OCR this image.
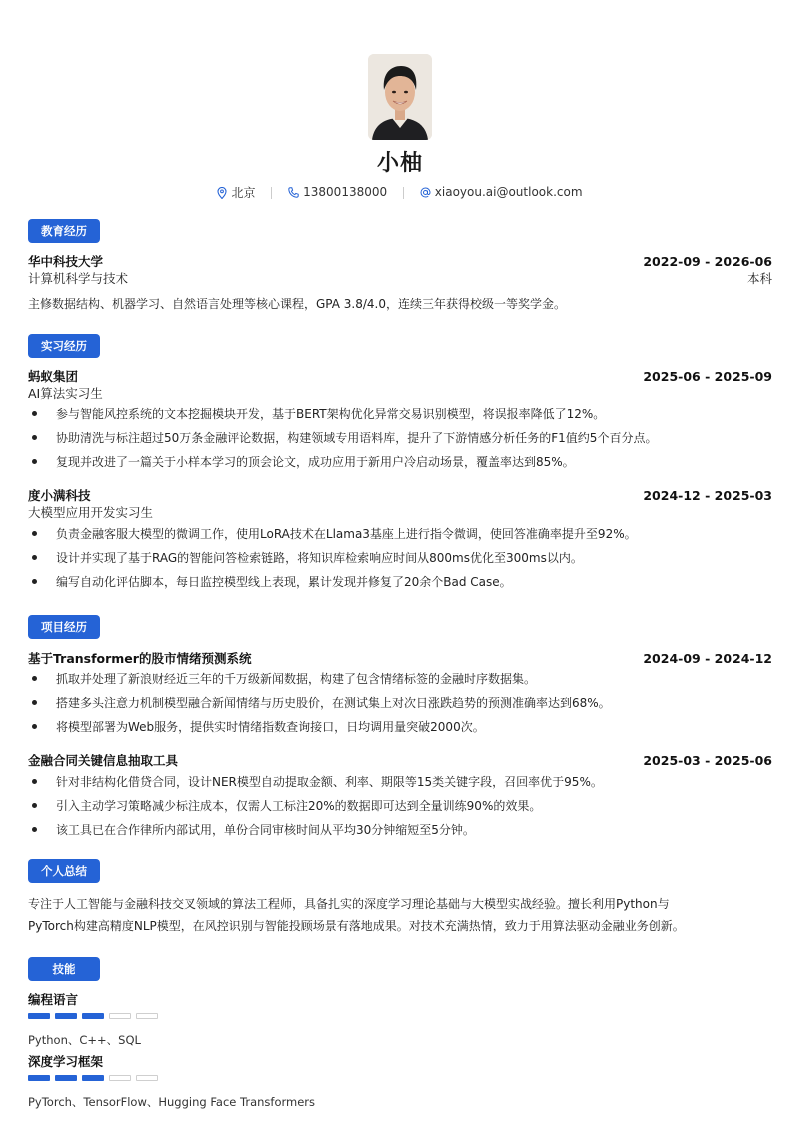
小柚
北京	13800138000	xiaoyou.ai@outlook.com
教育经历
华中科技大学	2022-09 - 2026-06
计算机科学与技术	本科
主修数据结构、机器学习、自然语言处理等核心课程，GPA 3.8/4.0，连续三年获得校级一等奖学金。
实习经历
蚂蚁集团	2025-06 - 2025-09
AI算法实习生
参与智能风控系统的文本挖掘模块开发，基于BERT架构优化异常交易识别模型，将误报率降低了12%。
协助清洗与标注超过50万条金融评论数据，构建领域专用语料库，提升了下游情感分析任务的F1值约5个百分点。
复现并改进了一篇关于小样本学习的顶会论文，成功应用于新用户冷启动场景，覆盖率达到85%。
度小满科技	2024-12 - 2025-03
大模型应用开发实习生
负责金融客服大模型的微调工作，使用LoRA技术在Llama3基座上进行指令微调，使回答准确率提升至92%。
设计并实现了基于RAG的智能问答检索链路，将知识库检索响应时间从800ms优化至300ms以内。
编写自动化评估脚本，每日监控模型线上表现，累计发现并修复了20余个Bad Case。
项目经历
基于Transformer的股市情绪预测系统	2024-09 - 2024-12
抓取并处理了新浪财经近三年的千万级新闻数据，构建了包含情绪标签的金融时序数据集。
搭建多头注意力机制模型融合新闻情绪与历史股价，在测试集上对次日涨跌趋势的预测准确率达到68%。
将模型部署为Web服务，提供实时情绪指数查询接口，日均调用量突破2000次。
金融合同关键信息抽取工具	2025-03 - 2025-06
针对非结构化借贷合同，设计NER模型自动提取金额、利率、期限等15类关键字段，召回率优于95%。
引入主动学习策略减少标注成本，仅需人工标注20%的数据即可达到全量训练90%的效果。
该工具已在合作律所内部试用，单份合同审核时间从平均30分钟缩短至5分钟。
个人总结
专注于人工智能与金融科技交叉领域的算法工程师，具备扎实的深度学习理论基础与大模型实战经验。擅长利用Python与
PyTorch构建高精度NLP模型，在风控识别与智能投顾场景有落地成果。对技术充满热情，致力于用算法驱动金融业务创新。
技能
编程语言
Python、C++、SQL
深度学习框架
PyTorch、TensorFlow、Hugging Face Transformers
